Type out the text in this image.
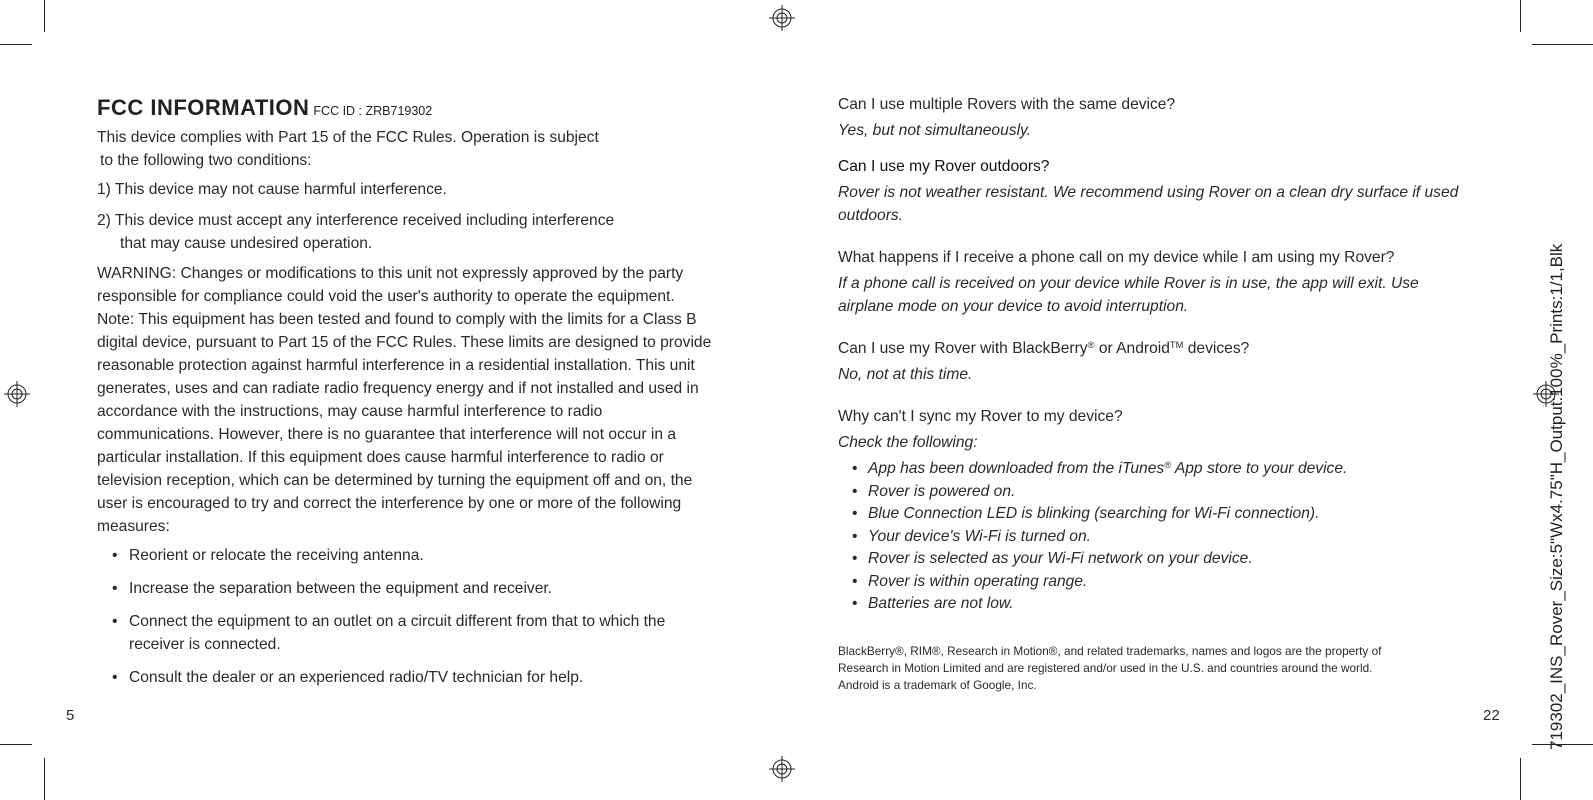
FCC INFORMATION FCC ID : ZRB719302

This device complies with Part 15 of the FCC Rules. Operation is subject

to the following two conditions:

1) This device may not cause harmful interference.

2) This device must accept any interference received including interference

that may cause undesired operation.

WARNING: Changes or modifications to this unit not expressly approved by the party responsible for compliance could void the user's authority to operate the equipment. Note: This equipment has been tested and found to comply with the limits for a Class B digital device, pursuant to Part 15 of the FCC Rules. These limits are designed to provide reasonable protection against harmful interference in a residential installation. This unit generates, uses and can radiate radio frequency energy and if not installed and used in accordance with the instructions, may cause harmful interference to radio communications. However, there is no guarantee that interference will not occur in a particular installation. If this equipment does cause harmful interference to radio or television reception, which can be determined by turning the equipment off and on, the user is encouraged to try and correct the interference by one or more of the following measures:

• Reorient or relocate the receiving antenna.
• Increase the separation between the equipment and receiver.
• Connect the equipment to an outlet on a circuit different from that to which the receiver is connected.
• Consult the dealer or an experienced radio/TV technician for help.
5

Can I use multiple Rovers with the same device?

Yes, but not simultaneously.

Can I use my Rover outdoors?

Rover is not weather resistant. We recommend using Rover on a clean dry surface if used outdoors.

What happens if I receive a phone call on my device while I am using my Rover?

If a phone call is received on your device while Rover is in use, the app will exit. Use airplane mode on your device to avoid interruption.

Can I use my Rover with BlackBerry® or Android™ devices?

No, not at this time.

Why can't I sync my Rover to my device?

Check the following:

• App has been downloaded from the iTunes® App store to your device.
• Rover is powered on.
• Blue Connection LED is blinking (searching for Wi-Fi connection).
• Your device's Wi-Fi is turned on.
• Rover is selected as your Wi-Fi network on your device.
• Rover is within operating range.
• Batteries are not low.
BlackBerry®, RIM®, Research in Motion®, and related trademarks, names and logos are the property of
Research in Motion Limited and are registered and/or used in the U.S. and countries around the world.
Android is a trademark of Google, Inc.
22	719302_INS_Rover_Size:5"Wx4.75"H_Output:100%_Prints:1/1,Blk
